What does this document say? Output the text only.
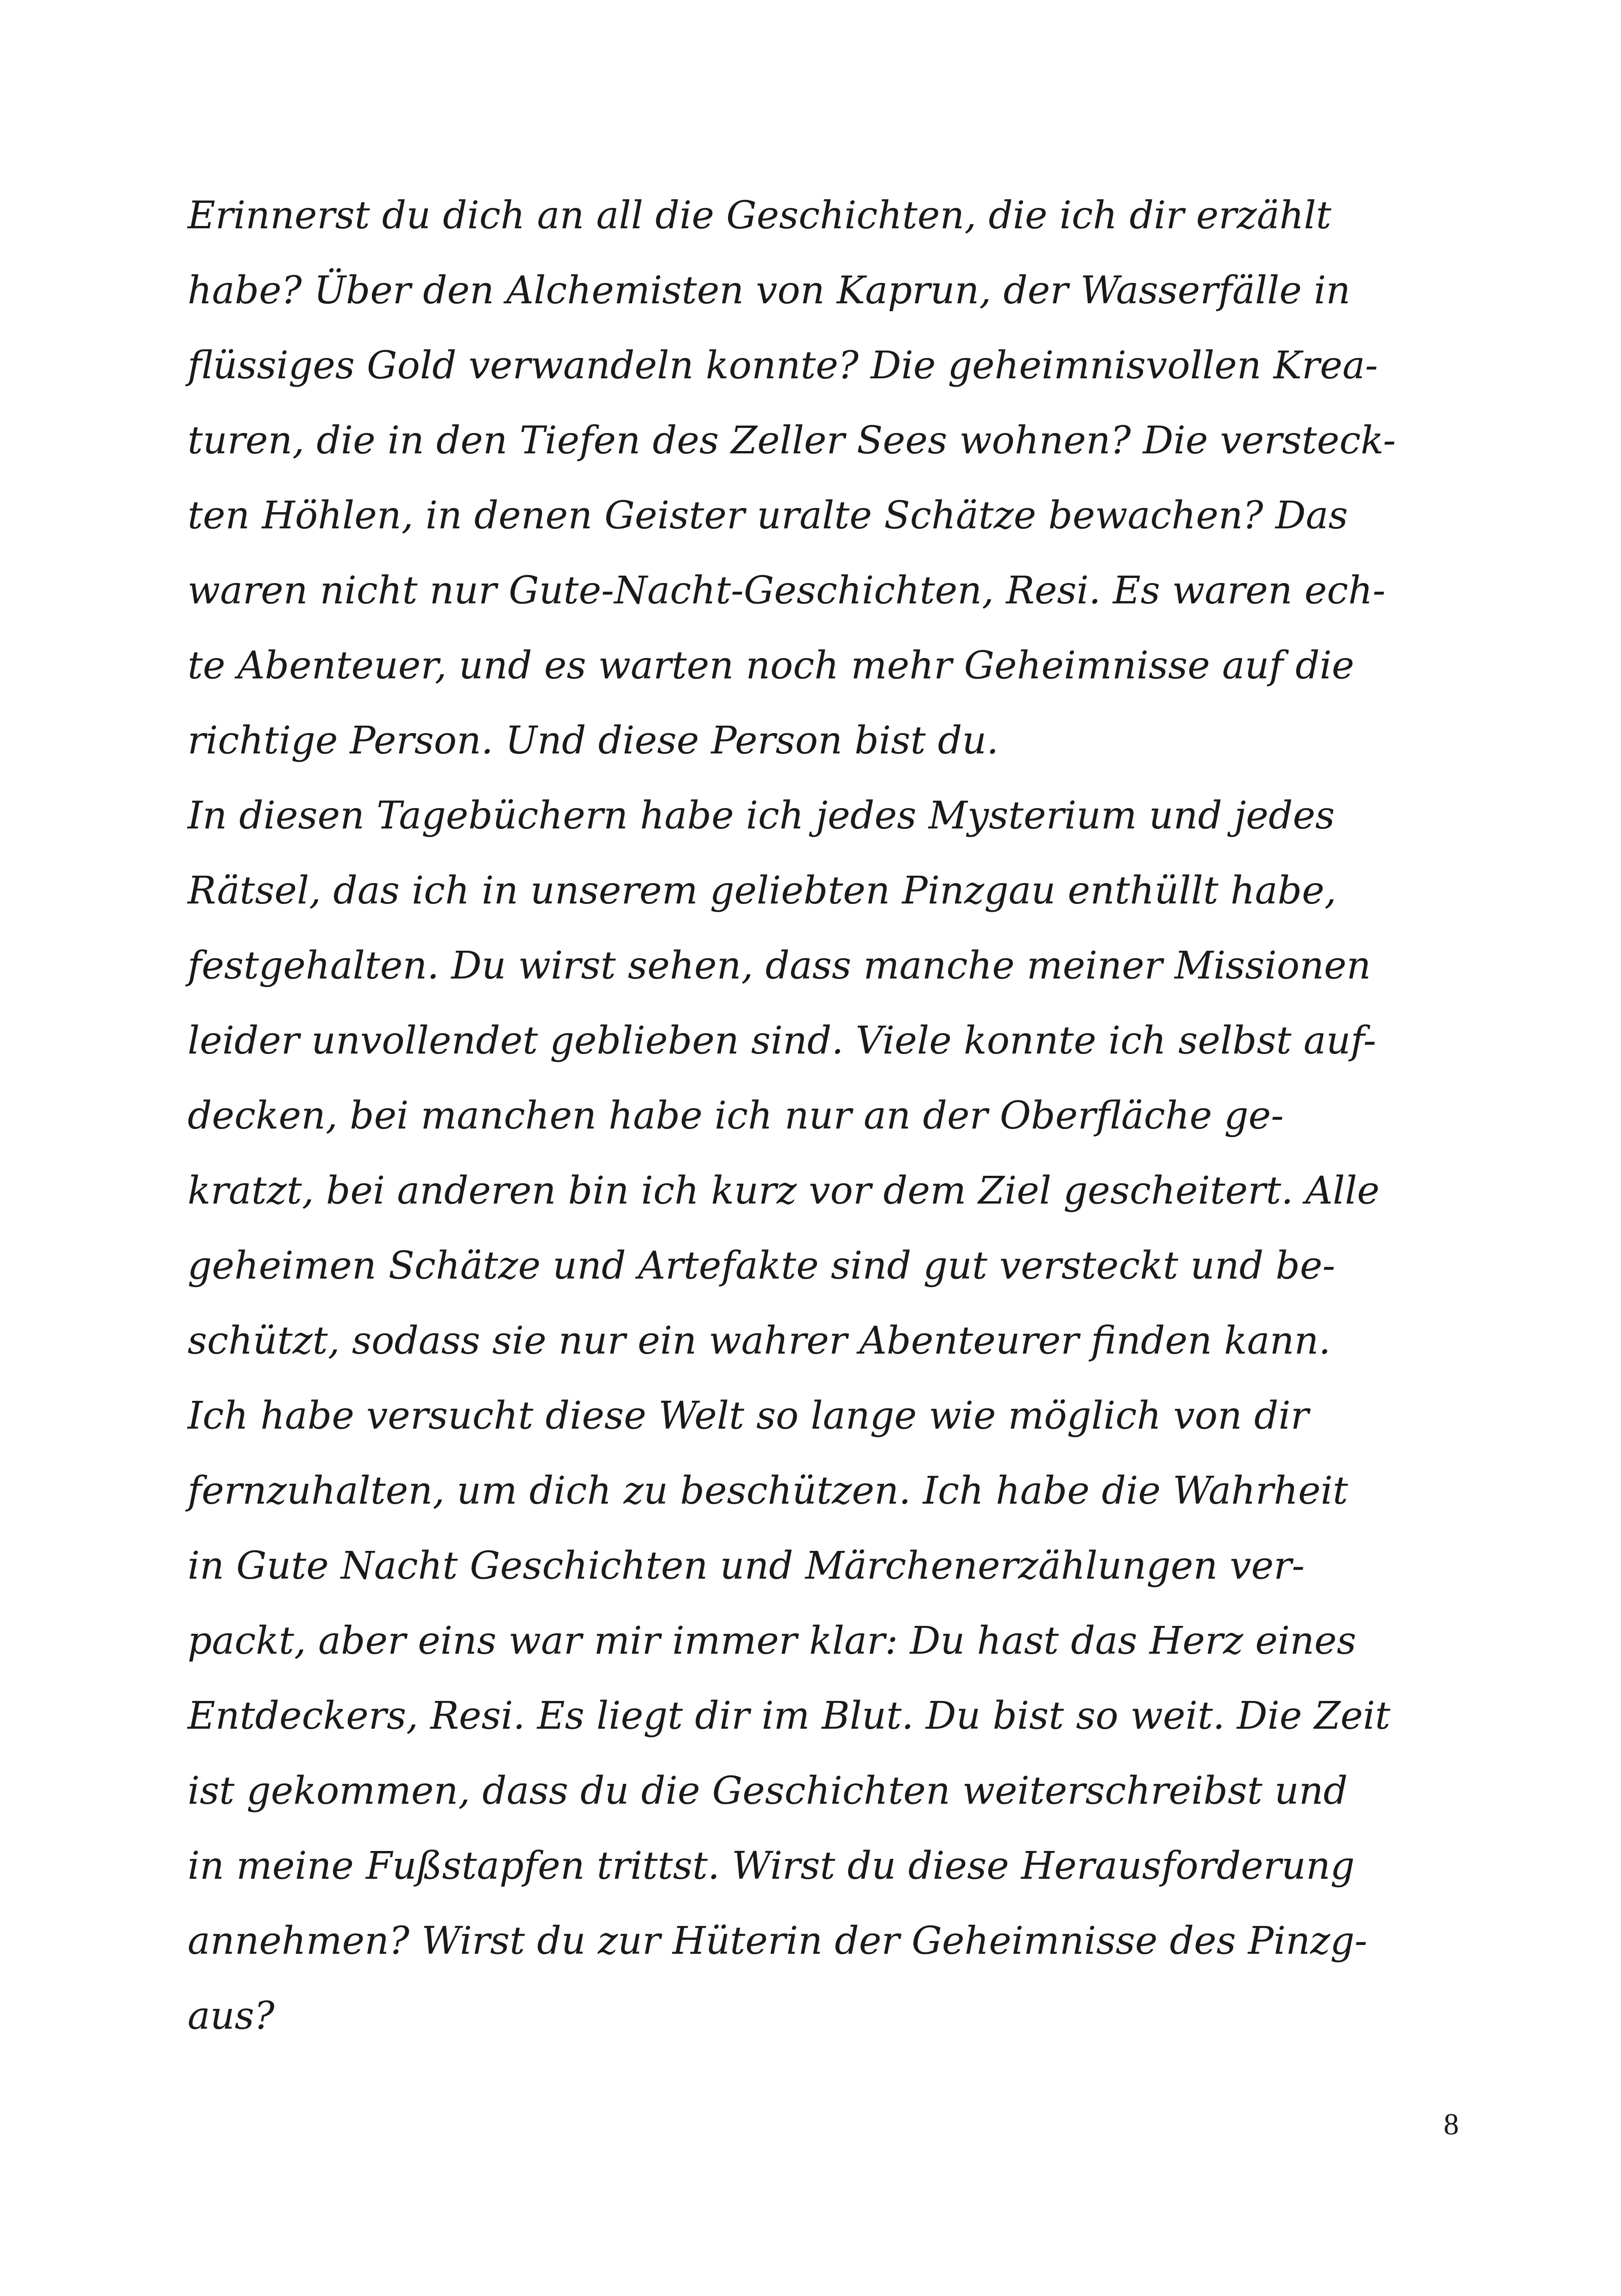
Erinnerst du dich an all die Geschichten, die ich dir erzählt
habe? Über den Alchemisten von Kaprun, der Wasserfälle in
flüssiges Gold verwandeln konnte? Die geheimnisvollen Krea-
turen, die in den Tiefen des Zeller Sees wohnen? Die versteck-
ten Höhlen, in denen Geister uralte Schätze bewachen? Das
waren nicht nur Gute-Nacht-Geschichten, Resi. Es waren ech-
te Abenteuer, und es warten noch mehr Geheimnisse auf die
richtige Person. Und diese Person bist du.
In diesen Tagebüchern habe ich jedes Mysterium und jedes
Rätsel, das ich in unserem geliebten Pinzgau enthüllt habe,
festgehalten. Du wirst sehen, dass manche meiner Missionen
leider unvollendet geblieben sind. Viele konnte ich selbst auf-
decken, bei manchen habe ich nur an der Oberfläche ge-
kratzt, bei anderen bin ich kurz vor dem Ziel gescheitert. Alle
geheimen Schätze und Artefakte sind gut versteckt und be-
schützt, sodass sie nur ein wahrer Abenteurer finden kann.
Ich habe versucht diese Welt so lange wie möglich von dir
fernzuhalten, um dich zu beschützen. Ich habe die Wahrheit
in Gute Nacht Geschichten und Märchenerzählungen ver-
packt, aber eins war mir immer klar: Du hast das Herz eines
Entdeckers, Resi. Es liegt dir im Blut. Du bist so weit. Die Zeit
ist gekommen, dass du die Geschichten weiterschreibst und
in meine Fußstapfen trittst. Wirst du diese Herausforderung
annehmen? Wirst du zur Hüterin der Geheimnisse des Pinzg-
aus?
8
